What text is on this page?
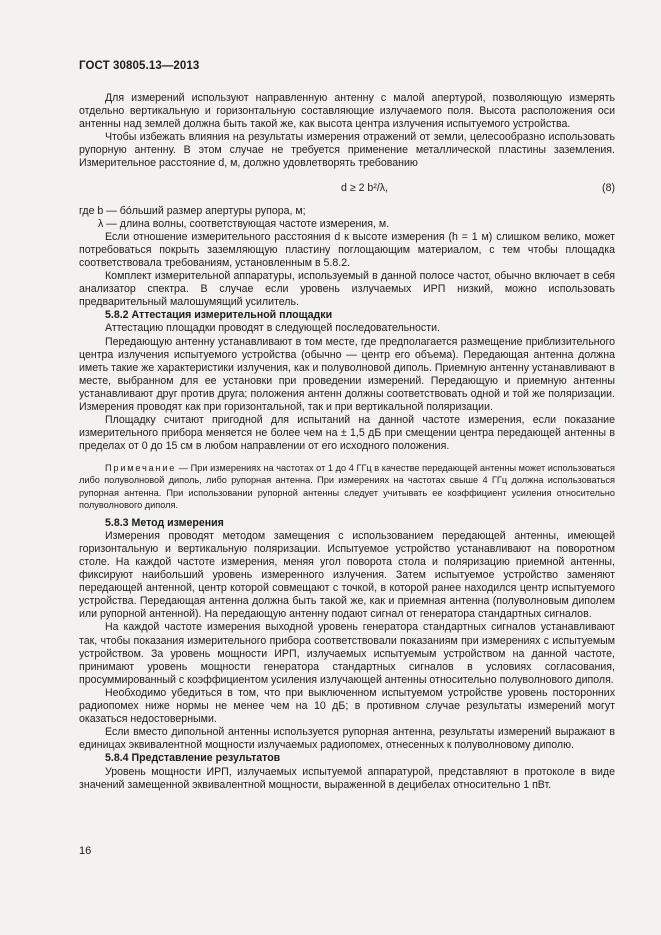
ГОСТ 30805.13—2013

Для измерений используют направленную антенну с малой апертурой, позволяющую измерять отдельно вертикальную и горизонтальную составляющие излучаемого поля. Высота расположения оси антенны над землей должна быть такой же, как высота центра излучения испытуемого устройства.

Чтобы избежать влияния на результаты измерения отражений от земли, целесообразно использовать рупорную антенну. В этом случае не требуется применение металлической пластины заземления. Измерительное расстояние d, м, должно удовлетворять требованию

d ≥ 2 b²/λ,	(8)

где b — бóльший размер апертуры рупора, м;

λ — длина волны, соответствующая частоте измерения, м.

Если отношение измерительного расстояния d к высоте измерения (h = 1 м) слишком велико, может потребоваться покрыть заземляющую пластину поглощающим материалом, с тем чтобы площадка соответствовала требованиям, установленным в 5.8.2.

Комплект измерительной аппаратуры, используемый в данной полосе частот, обычно включает в себя анализатор спектра. В случае если уровень излучаемых ИРП низкий, можно использовать предварительный малошумящий усилитель.

5.8.2 Аттестация измерительной площадки

Аттестацию площадки проводят в следующей последовательности.

Передающую антенну устанавливают в том месте, где предполагается размещение приблизительного центра излучения испытуемого устройства (обычно — центр его объема). Передающая антенна должна иметь такие же характеристики излучения, как и полуволновой диполь. Приемную антенну устанавливают в месте, выбранном для ее установки при проведении измерений. Передающую и приемную антенны устанавливают друг против друга; положения антенн должны соответствовать одной и той же поляризации. Измерения проводят как при горизонтальной, так и при вертикальной поляризации.

Площадку считают пригодной для испытаний на данной частоте измерения, если показание измерительного прибора меняется не более чем на ± 1,5 дБ при смещении центра передающей антенны в пределах от 0 до 15 см в любом направлении от его исходного положения.

Примечание — При измерениях на частотах от 1 до 4 ГГц в качестве передающей антенны может использоваться либо полуволновой диполь, либо рупорная антенна. При измерениях на частотах свыше 4 ГГц должна использоваться рупорная антенна. При использовании рупорной антенны следует учитывать ее коэффициент усиления относительно полуволнового диполя.

5.8.3 Метод измерения

Измерения проводят методом замещения с использованием передающей антенны, имеющей горизонтальную и вертикальную поляризации. Испытуемое устройство устанавливают на поворотном столе. На каждой частоте измерения, меняя угол поворота стола и поляризацию приемной антенны, фиксируют наибольший уровень измеренного излучения. Затем испытуемое устройство заменяют передающей антенной, центр которой совмещают с точкой, в которой ранее находился центр испытуемого устройства. Передающая антенна должна быть такой же, как и приемная антенна (полуволновым диполем или рупорной антенной). На передающую антенну подают сигнал от генератора стандартных сигналов.

На каждой частоте измерения выходной уровень генератора стандартных сигналов устанавливают так, чтобы показания измерительного прибора соответствовали показаниям при измерениях с испытуемым устройством. За уровень мощности ИРП, излучаемых испытуемым устройством на данной частоте, принимают уровень мощности генератора стандартных сигналов в условиях согласования, просуммированный с коэффициентом усиления излучающей антенны относительно полуволнового диполя.

Необходимо убедиться в том, что при выключенном испытуемом устройстве уровень посторонних радиопомех ниже нормы не менее чем на 10 дБ; в противном случае результаты измерений могут оказаться недостоверными.

Если вместо дипольной антенны используется рупорная антенна, результаты измерений выражают в единицах эквивалентной мощности излучаемых радиопомех, отнесенных к полуволновому диполю.

5.8.4 Представление результатов

Уровень мощности ИРП, излучаемых испытуемой аппаратурой, представляют в протоколе в виде значений замещенной эквивалентной мощности, выраженной в децибелах относительно 1 пВт.

16
